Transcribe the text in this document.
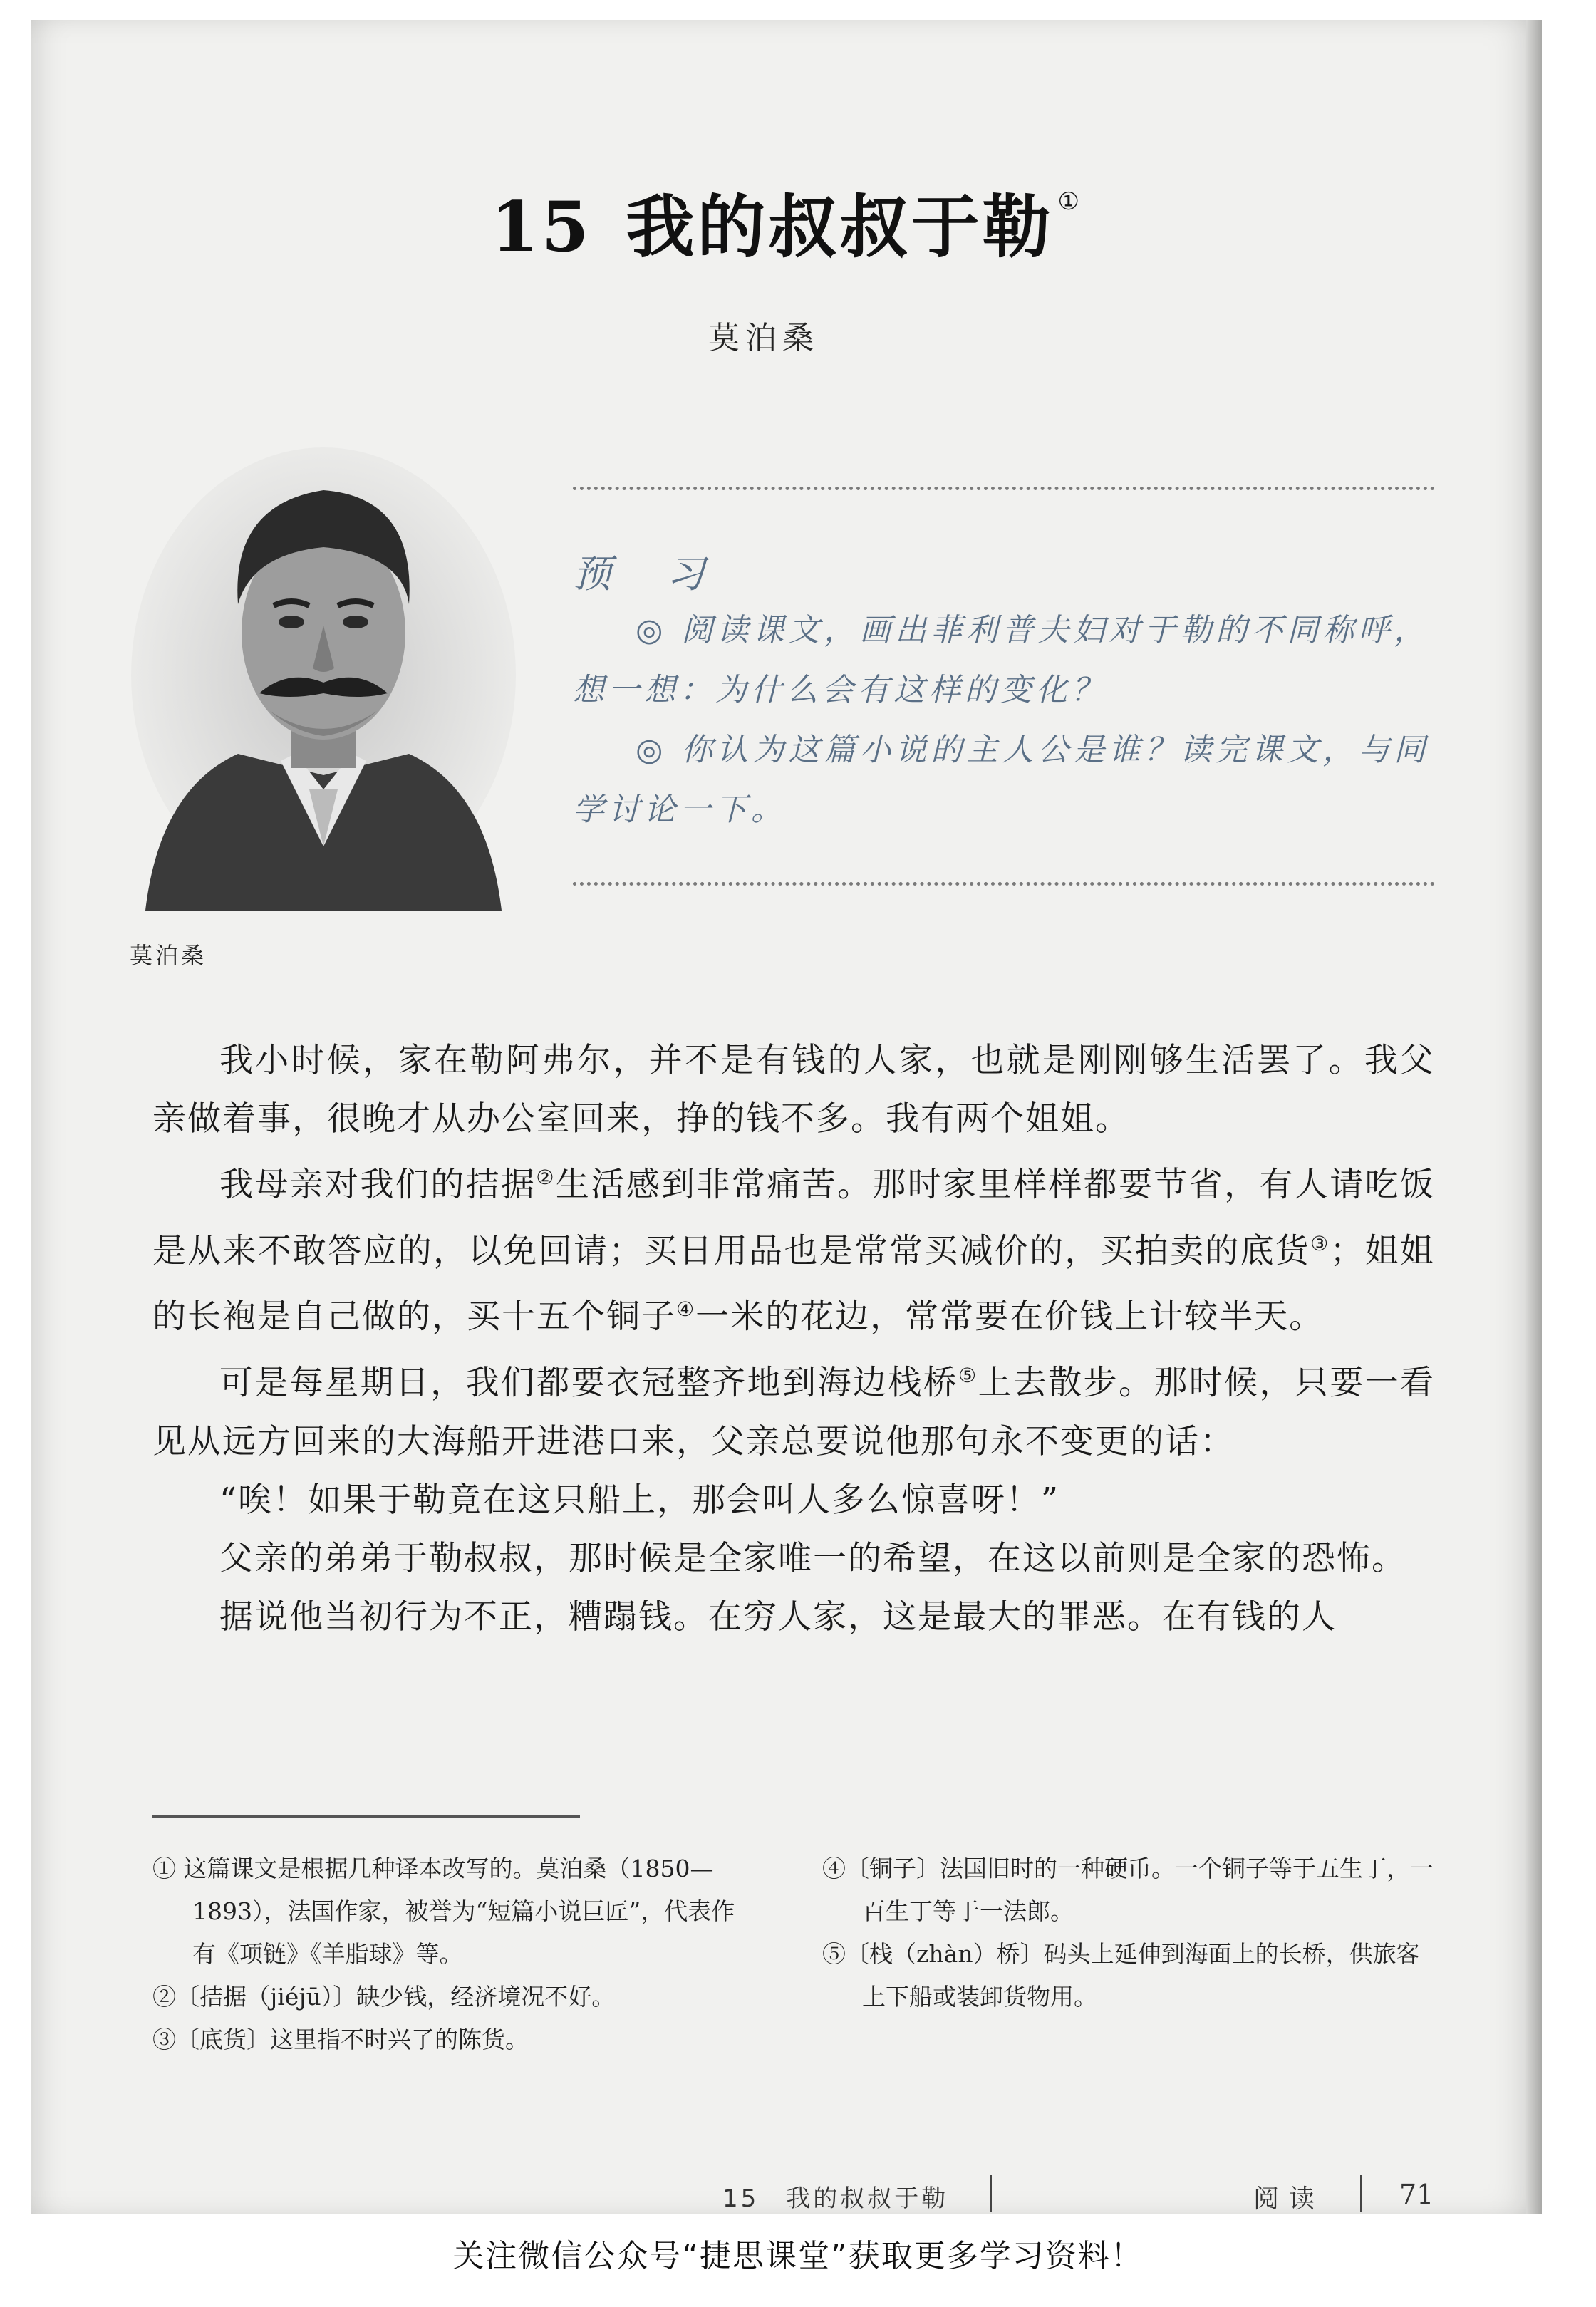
15 我的叔叔于勒 ①
莫泊桑
莫泊桑
预 习

◎ 阅读课文，画出菲利普夫妇对于勒的不同称呼，想一想：为什么会有这样的变化？

◎ 你认为这篇小说的主人公是谁？读完课文，与同学讨论一下。

我小时候，家在勒阿弗尔，并不是有钱的人家，也就是刚刚够生活罢了。我父亲做着事，很晚才从办公室回来，挣的钱不多。我有两个姐姐。

我母亲对我们的拮据②生活感到非常痛苦。那时家里样样都要节省，有人请吃饭是从来不敢答应的，以免回请；买日用品也是常常买减价的，买拍卖的底货③；姐姐的长袍是自己做的，买十五个铜子④一米的花边，常常要在价钱上计较半天。

可是每星期日，我们都要衣冠整齐地到海边栈桥⑤上去散步。那时候，只要一看见从远方回来的大海船开进港口来，父亲总要说他那句永不变更的话：

“唉！如果于勒竟在这只船上，那会叫人多么惊喜呀！”

父亲的弟弟于勒叔叔，那时候是全家唯一的希望，在这以前则是全家的恐怖。

据说他当初行为不正，糟蹋钱。在穷人家，这是最大的罪恶。在有钱的人

① 这篇课文是根据几种译本改写的。莫泊桑（1850—1893），法国作家，被誉为“短篇小说巨匠”，代表作有《项链》《羊脂球》等。

②〔拮据（jiéjū）〕缺少钱，经济境况不好。

③〔底货〕这里指不时兴了的陈货。

④〔铜子〕法国旧时的一种硬币。一个铜子等于五生丁，一百生丁等于一法郎。

⑤〔栈（zhàn）桥〕码头上延伸到海面上的长桥，供旅客上下船或装卸货物用。

15　我的叔叔于勒	阅读	71
关注微信公众号“捷思课堂”获取更多学习资料！
